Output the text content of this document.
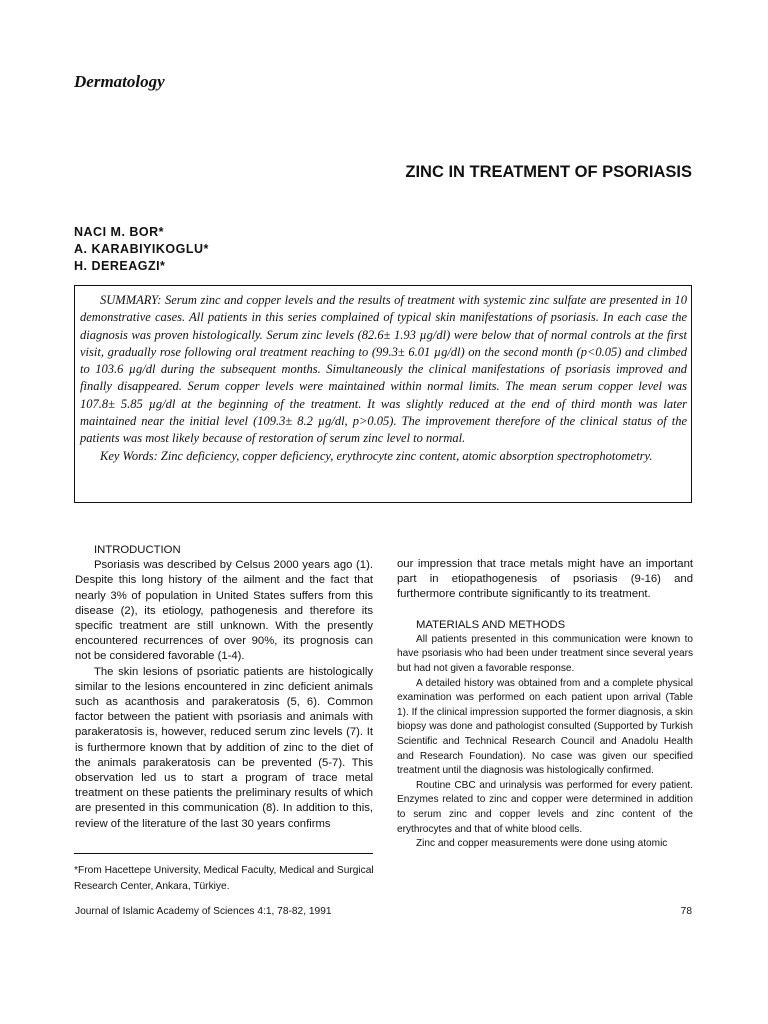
Dermatology
ZINC IN TREATMENT OF PSORIASIS
NACI M. BOR*
A. KARABIYIKOGLU*
H. DEREAGZI*

SUMMARY: Serum zinc and copper levels and the results of treatment with systemic zinc sulfate are presented in 10 demonstrative cases. All patients in this series complained of typical skin manifestations of psoriasis. In each case the diagnosis was proven histologically. Serum zinc levels (82.6± 1.93 µg/dl) were below that of normal controls at the first visit, gradually rose following oral treatment reaching to (99.3± 6.01 µg/dl) on the second month (p<0.05) and climbed to 103.6 µg/dl during the subsequent months. Simultaneously the clinical manifestations of psoriasis improved and finally disappeared. Serum copper levels were maintained within normal limits. The mean serum copper level was 107.8± 5.85 µg/dl at the beginning of the treatment. It was slightly reduced at the end of third month was later maintained near the initial level (109.3± 8.2 µg/dl, p>0.05). The improvement therefore of the clinical status of the patients was most likely because of restoration of serum zinc level to normal.

Key Words: Zinc deficiency, copper deficiency, erythrocyte zinc content, atomic absorption spectrophotometry.

INTRODUCTION

Psoriasis was described by Celsus 2000 years ago (1). Despite this long history of the ailment and the fact that nearly 3% of population in United States suffers from this disease (2), its etiology, pathogenesis and therefore its specific treatment are still unknown. With the presently encountered recurrences of over 90%, its prognosis can not be considered favorable (1-4).

The skin lesions of psoriatic patients are histologically similar to the lesions encountered in zinc deficient animals such as acanthosis and parakeratosis (5, 6). Common factor between the patient with psoriasis and animals with parakeratosis is, however, reduced serum zinc levels (7). It is furthermore known that by addition of zinc to the diet of the animals parakeratosis can be prevented (5-7). This observation led us to start a program of trace metal treatment on these patients the preliminary results of which are presented in this communication (8). In addition to this, review of the literature of the last 30 years confirms

our impression that trace metals might have an important part in etiopathogenesis of psoriasis (9-16) and furthermore contribute significantly to its treatment.

MATERIALS AND METHODS

All patients presented in this communication were known to have psoriasis who had been under treatment since several years but had not given a favorable response.

A detailed history was obtained from and a complete physical examination was performed on each patient upon arrival (Table 1). If the clinical impression supported the former diagnosis, a skin biopsy was done and pathologist consulted (Supported by Turkish Scientific and Technical Research Council and Anadolu Health and Research Foundation). No case was given our specified treatment until the diagnosis was histologically confirmed.

Routine CBC and urinalysis was performed for every patient. Enzymes related to zinc and copper were determined in addition to serum zinc and copper levels and zinc content of the erythrocytes and that of white blood cells.

Zinc and copper measurements were done using atomic

*From Hacettepe University, Medical Faculty, Medical and Surgical Research Center, Ankara, Türkiye.
Journal of Islamic Academy of Sciences 4:1, 78-82, 1991	78
